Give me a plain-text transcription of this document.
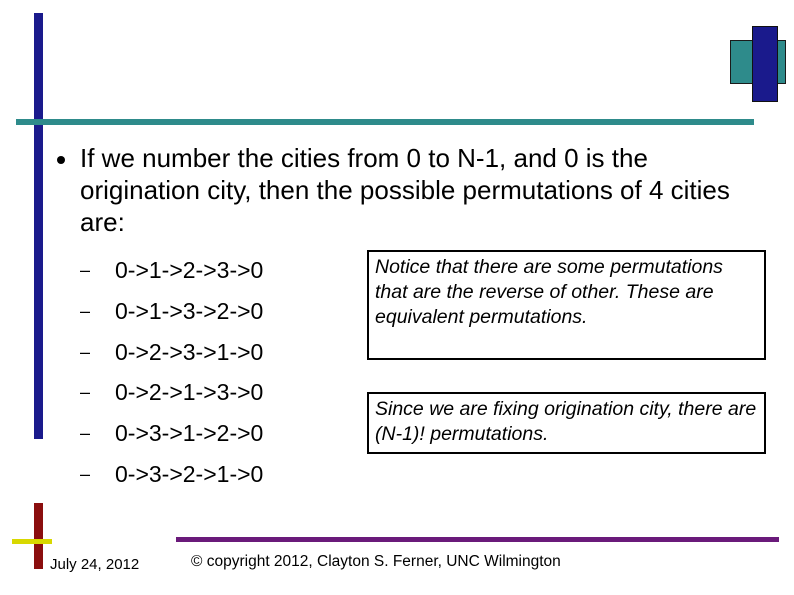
If we number the cities from 0 to N-1, and 0 is the origination city, then the possible permutations of 4 cities are:
– 0->1->2->3->0
– 0->1->3->2->0
– 0->2->3->1->0
– 0->2->1->3->0
– 0->3->1->2->0
– 0->3->2->1->0
Notice that there are some permutations that are the reverse of other. These are equivalent permutations.
Since we are fixing origination city, there are (N-1)! permutations.
July 24, 2012	© copyright 2012, Clayton S. Ferner, UNC Wilmington
